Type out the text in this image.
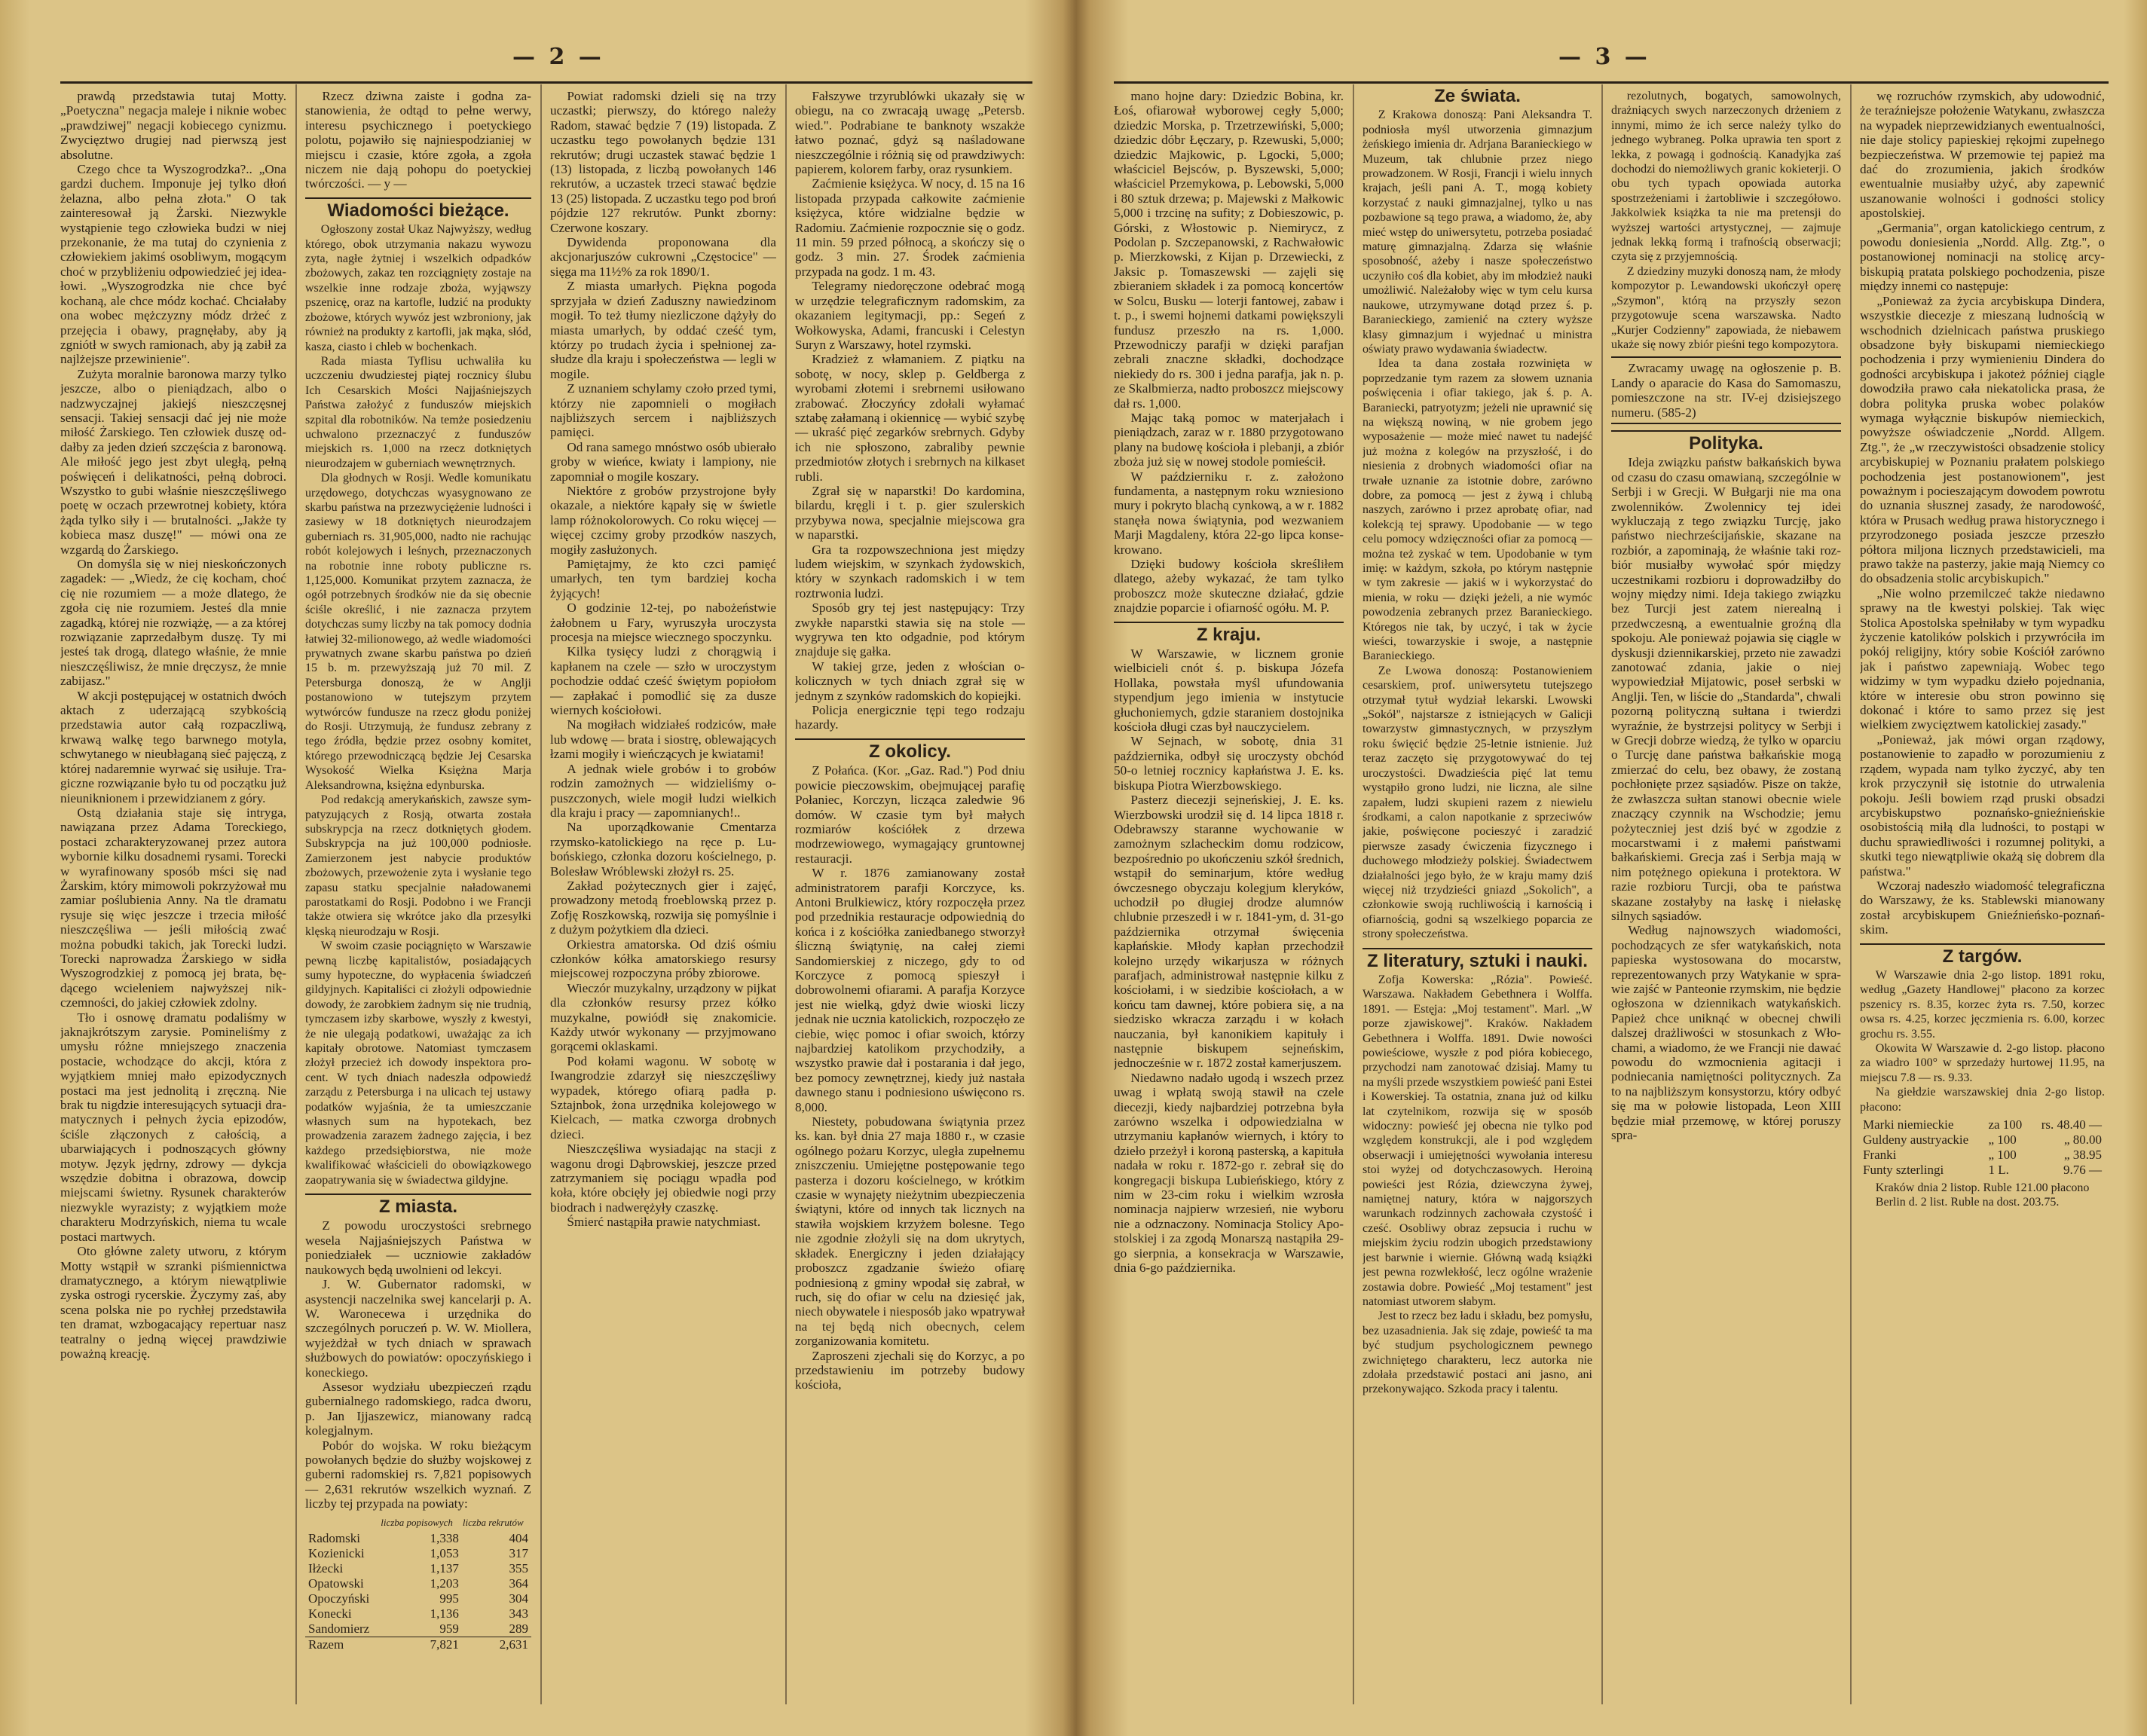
— 2 —

prawdą przedstawia tutaj Motty. „Poetyczna" negacja maleje i niknie wobec „prawdziwej" negacji kobiecego cynizmu. Zwycięztwo drugiej nad pierwszą jest absolutne.

Czego chce ta Wyszogrodzka?.. „Ona gardzi duchem. Imponuje jej tylko dłoń żelazna, albo pełna złota." O tak zainteresował ją Żarski. Niezwykle wystąpienie tego człowieka budzi w niej przekonanie, że ma tutaj do czynienia z człowiekiem jakimś osobliwym, mogącym choć w przybliżeniu odpowiedzieć jej ideałowi. „Wyszogrodzka nie chce być kochaną, ale chce módz kochać. Chciałaby ona wobec mężczyzny módz drżeć z przejęcia i obawy, pragnęłaby, aby ją zgniótł w swych ramionach, aby ją zabił za najlżejsze przewinienie".

Zużyta moralnie baronowa marzy tylko jeszcze, albo o pieniądzach, albo o nadzwyczajnej jakiejś nieszczęsnej sensacji. Takiej sensacji dać jej nie może miłość Żarskiego. Ten człowiek duszę oddałby za jeden dzień szczęścia z baronową. Ale miłość jego jest zbyt uległą, pełną poświęceń i delikatności, pełną dobroci. Wszystko to gubi właśnie nieszczęśliwego poetę w oczach przewrotnej kobiety, która żąda tylko siły i — brutalności. „Jakże ty kobieca masz duszę!" — mówi ona ze wzgardą do Żarskiego.

On domyśla się w niej nieskończonych zagadek: — „Wiedz, że cię kocham, choć cię nie rozumiem — a może dlatego, że zgoła cię nie rozumiem. Jesteś dla mnie zagadką, której nie rozwiążę, — a za której rozwiązanie zaprzedałbym duszę. Ty mi jesteś tak drogą, dlatego właśnie, że mnie nieszczęśliwisz, że mnie dręczysz, że mnie zabijasz."

W akcji postępującej w ostatnich dwóch aktach z uderzającą szybkością przedstawia autor całą rozpaczliwą, krwawą walkę tego barwnego motyla, schwytanego w nieubłaganą sieć pajęczą, z której nadaremnie wyrwać się usiłuje. Tragiczne rozwiązanie było tu od początku już nieuniknionem i przewidzianem z góry.

Ostą działania staje się intryga, nawiązana przez Adama Toreckiego, postaci zcharakteryzowanej przez autora wybornie kilku dosadnemi rysami. Torecki w wyrafinowany sposób mści się nad Żarskim, który mimowoli pokrzyżował mu zamiar poślubienia Anny. Na tle dramatu rysuje się więc jeszcze i trzecia miłość nieszczęśliwa — jeśli miłością zwać można pobudki takich, jak Torecki ludzi. Torecki naprowadza Żarskiego w sidła Wyszogrodzkiej z pomocą jej brata, będącego wcieleniem najwyższej nikczemności, do jakiej człowiek zdolny.

Tło i osnowę dramatu podaliśmy w jaknajkrótszym zarysie. Pomineliśmy z umysłu różne mniejszego znaczenia postacie, wchodzące do akcji, która z wyjątkiem mniej mało epizodycznych postaci ma jest jednolitą i zręczną. Nie brak tu nigdzie interesujących sytuacji dramatycznych i pełnych życia epizodów, ściśle złączonych z całością, a ubarwiających i podnoszących główny motyw. Język jędrny, zdrowy — dykcja wszędzie dobitna i obrazowa, dowcip miejscami świetny. Rysunek charakterów niezwykle wyrazisty; z wyjątkiem może charakteru Modrzyńskich, niema tu wcale postaci martwych.

Oto główne zalety utworu, z którym Motty wstąpił w szranki piśmiennictwa dramatycznego, a którym niewątpliwie zyska ostrogi rycerskie. Życzymy zaś, aby scena polska nie po rychłej przedstawiła ten dramat, wzbogacający repertuar nasz teatralny o jedną więcej prawdziwie poważną kreację.

Rzecz dziwna zaiste i godna zastanowienia, że odtąd to pełne werwy, interesu psychicznego i poetyckiego polotu, pojawiło się najniespodzianiej w miejscu i czasie, które zgoła, a zgoła niczem nie dają pohopu do poetyckiej twórczości. — y —

Wiadomości bieżące.

Ogłoszony został Ukaz Najwyższy, według którego, obok utrzymania nakazu wywozu zyta, nagłe żytniej i wszelkich odpadków zbożowych, zakaz ten rozciągnięty zostaje na wszelkie inne rodzaje zboża, wyjąwszy pszenicę, oraz na kartofle, ludzić na produkty zbożowe, których wywóz jest wzbroniony, jak również na produkty z kartofli, jak mąka, słód, kasza, ciasto i chleb w bochenkach.

Rada miasta Tyflisu uchwaliła ku uczczeniu dwudziestej piątej rocznicy ślubu Ich Cesarskich Mości Najjaśniejszych Państwa założyć z funduszów miejskich szpital dla robotników. Na temże posiedzeniu uchwalono przeznaczyć z funduszów miejskich rs. 1,000 na rzecz dotkniętych nieurodzajem w guberniach wewnętrznych.

Dla głodnych w Rosji. Wedle komunikatu urzędowego, dotychczas wyasygnowano ze skarbu państwa na przezwyciężenie ludności i zasiewy w 18 dotkniętych nieurodzajem guberniach rs. 31,905,000, nadto nie rachując robót kolejowych i leśnych, przeznaczonych na robotnie inne roboty publiczne rs. 1,125,000. Komunikat przytem zaznacza, że ogół potrzebnych środków nie da się obecnie ściśle określić, i nie zaznacza przytem dotychczas sumy liczby na tak pomocy dodnia łatwiej 32-milionowego, aż wedle wiadomości prywatnych zwane skarbu państwa po dzień 15 b. m. przewyższają już 70 mil. Z Petersburga donoszą, że w Anglji postanowiono w tutejszym przytem wytwórców fundusze na rzecz głodu poniżej do Rosji. Utrzymują, że fundusz zebrany z tego źródła, będzie przez osobny komitet, którego przewodniczącą będzie Jej Cesarska Wysokość Wielka Księżna Marja Aleksandrowna, księżna edynburska.

Pod redakcją amerykańskich, zawsze sympatyzujących z Rosją, otwarta została subskrypcja na rzecz dotkniętych głodem. Subskrypcja na już 100,000 podniosłe. Zamierzonem jest nabycie produktów zbożowych, przewożenie zyta i wysłanie tego zapasu statku specjalnie naładowanemi parostatkami do Rosji. Podobno i we Francji także otwiera się wkrótce jako dla przesyłki klęską nieurodzaju w Rosji.

W swoim czasie pociągnięto w Warszawie pewną liczbę kapitalistów, posiadających sumy hypoteczne, do wypłacenia świadczeń gildyjnych. Kapitaliści ci złożyli odpowiednie dowody, że zarobkiem żadnym się nie trudnią, tymczasem izby skarbowe, wyszły z kwestyi, że nie ulegają podatkowi, uważając za ich kapitały obrotowe. Natomiast tymczasem złożył przecież ich dowody inspektora procent. W tych dniach nadeszła odpowiedź zarządu z Petersburga i na ulicach tej ustawy podatków wyjaśnia, że ta umieszczanie własnych sum na hypotekach, bez prowadzenia zarazem żadnego zajęcia, i bez każdego przedsiębiorstwa, nie może kwalifikować właścicieli do obowiązkowego zaopatrywania się w świadectwa gildyjne.

Z miasta.

Z powodu uroczystości srebrnego wesela Najjaśniejszych Państwa w poniedziałek — uczniowie zakładów naukowych będą uwolnieni od lekcyi.

J. W. Gubernator radomski, w asystencji naczelnika swej kancelarji p. A. W. Waronecewa i urzędnika do szczególnych poruczeń p. W. W. Miollera, wyjeżdżał w tych dniach w sprawach służbowych do powiatów: opoczyńskiego i koneckiego.

Assesor wydziału ubezpieczeń rządu gubernialnego radomskiego, radca dworu, p. Jan Ijjaszewicz, mianowany radcą kolegjalnym.

Pobór do wojska. W roku bieżącym powołanych będzie do służby wojskowej z guberni radomskiej rs. 7,821 popisowych — 2,631 rekrutów wszelkich wyznań. Z liczby tej przypada na powiaty:

	liczba popisowych	liczba rekrutów
Radomski	1,338	404
Kozienicki	1,053	317
Iłżecki	1,137	355
Opatowski	1,203	364
Opoczyński	995	304
Konecki	1,136	343
Sandomierz	959	289
Razem	7,821	2,631

Powiat radomski dzieli się na trzy uczastki; pierwszy, do którego należy Radom, stawać będzie 7 (19) listopada. Z uczastku tego powołanych będzie 131 rekrutów; drugi uczastek stawać będzie 1 (13) listopada, z liczbą powołanych 146 rekrutów, a uczastek trzeci stawać będzie 13 (25) listopada. Z uczastku tego pod broń pójdzie 127 rekrutów. Punkt zborny: Czerwone koszary.

Dywidenda proponowana dla akcjonarjuszów cukrowni „Częstocice" — sięga ma 11½% za rok 1890/1.

Z miasta umarłych. Piękna pogoda sprzyjała w dzień Zaduszny nawiedzinom mogił. To też tłumy niezliczone dążyły do miasta umarłych, by oddać cześć tym, którzy po trudach życia i spełnionej zasłudze dla kraju i społeczeństwa — legli w mogile.

Z uznaniem schylamy czoło przed tymi, którzy nie zapomnieli o mogiłach najbliższych sercem i najbliższych pamięci.

Od rana samego mnóstwo osób ubierało groby w wieńce, kwiaty i lampiony, nie zapomniał o mogile koszary.

Niektóre z grobów przystrojone były okazale, a niektóre kąpały się w świetle lamp różnokolorowych. Co roku więcej — więcej czcimy groby przodków naszych, mogiły zasłużonych.

Pamiętajmy, że kto czci pamięć umarłych, ten tym bardziej kocha żyjących!

O godzinie 12-tej, po nabożeństwie żałobnem u Fary, wyruszyła uroczysta procesja na miejsce wiecznego spoczynku.

Kilka tysięcy ludzi z chorągwią i kapłanem na czele — szło w uroczystym pochodzie oddać cześć świętym popiołom — zapłakać i pomodlić się za dusze wiernych kościołowi.

Na mogiłach widziałeś rodziców, małe lub wdowę — brata i siostrę, oblewających łzami mogiły i wieńczących je kwiatami!

A jednak wiele grobów i to grobów rodzin zamożnych — widzieliśmy opuszczonych, wiele mogił ludzi wielkich dla kraju i pracy — zapomnianych!..

Na uporządkowanie Cmentarza rzymsko-katolickiego na ręce p. Lubońskiego, członka dozoru kościelnego, p. Bolesław Wróblewski złożył rs. 25.

Zakład pożytecznych gier i zajęć, prowadzony metodą froeblowską przez p. Zofję Roszkowską, rozwija się pomyślnie i z dużym pożytkiem dla dzieci.

Orkiestra amatorska. Od dziś ośmiu członków kółka amatorskiego resursy miejscowej rozpoczyna próby zbiorowe.

Wieczór muzykalny, urządzony w pijkat dla członków resursy przez kółko muzykalne, powiódł się znakomicie. Każdy utwór wykonany — przyjmowano gorącemi oklaskami.

Pod kołami wagonu. W sobotę w Iwangrodzie zdarzył się nieszczęśliwy wypadek, którego ofiarą padła p. Sztajnbok, żona urzędnika kolejowego w Kielcach, — matka czworga drobnych dzieci.

Nieszczęśliwa wysiadając na stacji z wagonu drogi Dąbrowskiej, jeszcze przed zatrzymaniem się pociągu wpadła pod koła, które obcięły jej obiedwie nogi przy biodrach i nadwerężyły czaszkę.

Śmierć nastąpiła prawie natychmiast.

Fałszywe trzyrublówki ukazały się w obiegu, na co zwracają uwagę „Petersb. wied.". Podrabiane te banknoty wszakże łatwo poznać, gdyż są naśladowane nieszczególnie i różnią się od prawdziwych: papierem, kolorem farby, oraz rysunkiem.

Zaćmienie księżyca. W nocy, d. 15 na 16 listopada przypada całkowite zaćmienie księżyca, które widzialne będzie w Radomiu. Zaćmienie rozpocznie się o godz. 11 min. 59 przed północą, a skończy się o godz. 3 min. 27. Środek zaćmienia przypada na godz. 1 m. 43.

Telegramy niedoręczone odebrać mogą w urzędzie telegraficznym radomskim, za okazaniem legitymacji, pp.: Segeń z Wołkowyska, Adami, francuski i Celestyn Suryn z Warszawy, hotel rzymski.

Kradzież z włamaniem. Z piątku na sobotę, w nocy, sklep p. Geldberga z wyrobami złotemi i srebrnemi usiłowano zrabować. Złoczyńcy zdołali wyłamać sztabę załamaną i okiennicę — wybić szybę — ukraść pięć zegarków srebrnych. Gdyby ich nie spłoszono, zabraliby pewnie przedmiotów złotych i srebrnych na kilkaset rubli.

Zgrał się w naparstki! Do kardomina, bilardu, kręgli i t. p. gier szulerskich przybywa nowa, specjalnie miejscowa gra w naparstki.

Gra ta rozpowszechniona jest między ludem wiejskim, w szynkach żydowskich, który w szynkach radomskich i w tem roztrwonia ludzi.

Sposób gry tej jest następujący: Trzy zwykłe naparstki stawia się na stole — wygrywa ten kto odgadnie, pod którym znajduje się gałka.

W takiej grze, jeden z włościan okolicznych w tych dniach zgrał się w jednym z szynków radomskich do kopiejki.

Policja energicznie tępi tego rodzaju hazardy.

Z okolicy.

Z Połańca. (Kor. „Gaz. Rad.") Pod dniu powicie pieczowskim, obejmującej parafię Połaniec, Korczyn, licząca zaledwie 96 domów. W czasie tym był małych rozmiarów kościółek z drzewa modrzewiowego, wymagający gruntownej restauracji.

W r. 1876 zamianowany został administratorem parafji Korczyce, ks. Antoni Brulkiewicz, który rozpoczęła przez pod przednikia restauracje odpowiednią do końca i z kościółka zaniedbanego stworzył śliczną świątynię, na całej ziemi Sandomierskiej z niczego, gdy to od Korczyce z pomocą spieszył i dobrowolnemi ofiarami. A parafja Korzyce jest nie wielką, gdyż dwie wioski liczy jednak nie ucznia katolickich, rozpoczęło ze ciebie, więc pomoc i ofiar swoich, którzy najbardziej katolikom przychodziły, a wszystko prawie dał i postarania i dał jego, bez pomocy zewnętrznej, kiedy już nastała dawnego stanu i podniesiono uświęcono rs. 8,000.

Niestety, pobudowana świątynia przez ks. kan. był dnia 27 maja 1880 r., w czasie ogólnego pożaru Korzyc, uległa zupełnemu zniszczeniu. Umiejętne postępowanie tego pasterza i dozoru kościelnego, w krótkim czasie w wynajęty nieżytnim ubezpieczenia świątyni, które od innych tak licznych na stawiła wojskiem krzyżem bolesne. Tego nie zgodnie złożyli się na dom ukrytych, składek. Energiczny i jeden działający proboszcz zgadzanie świeżo ofiarę podniesioną z gminy wpodał się zabrał, w ruch, się do ofiar w celu na dziesięć jak, niech obywatele i niesposób jako wpatrywał na tej będą nich obecnych, celem zorganizowania komitetu.

Zaproszeni zjechali się do Korzyc, a po przedstawieniu im potrzeby budowy kościoła,

— 3 —

mano hojne dary: Dziedzic Bobina, kr. Łoś, ofiarował wyborowej cegły 5,000; dziedzic Morska, p. Trzetrzewiński, 5,000; dziedzic dóbr Łęczary, p. Rzewuski, 5,000; dziedzic Majkowic, p. Lgocki, 5,000; właściciel Bejsców, p. Byszewski, 5,000; właściciel Przemykowa, p. Lebowski, 5,000 i 80 sztuk drzewa; p. Majewski z Małkowic 5,000 i trzcinę na sufity; z Dobieszowic, p. Górski, z Włostowic p. Niemirycz, z Podolan p. Szczepanowski, z Rachwałowic p. Mierzkowski, z Kijan p. Drzewiecki, z Jaksic p. Tomaszewski — zajęli się zbieraniem składek i za pomocą koncertów w Solcu, Busku — loterji fantowej, zabaw i t. p., i swemi hojnemi datkami powiększyli fundusz przeszło na rs. 1,000. Przewodniczy parafji w dzięki parafjan zebrali znaczne składki, dochodzące niekiedy do rs. 300 i jedna parafja, jak n. p. ze Skalbmierza, nadto proboszcz miejscowy dał rs. 1,000.

Mając taką pomoc w materjałach i pieniądzach, zaraz w r. 1880 przygotowano plany na budowę kościoła i plebanji, a zbiór zboża już się w nowej stodole pomieścił.

W październiku r. z. założono fundamenta, a następnym roku wzniesiono mury i pokryto blachą cynkową, a w r. 1882 stanęła nowa świątynia, pod wezwaniem Marji Magdaleny, która 22-go lipca konsekrowano.

Dzięki budowy kościoła skreśliłem dlatego, ażeby wykazać, że tam tylko proboszcz może skuteczne działać, gdzie znajdzie poparcie i ofiarność ogółu. M. P.

Z kraju.

W Warszawie, w licznem gronie wielbicieli cnót ś. p. biskupa Józefa Hollaka, powstała myśl ufundowania stypendjum jego imienia w instytucie głuchoniemych, gdzie staraniem dostojnika kościoła długi czas był nauczycielem.

W Sejnach, w sobotę, dnia 31 października, odbył się uroczysty obchód 50-o letniej rocznicy kapłaństwa J. E. ks. biskupa Piotra Wierzbowskiego.

Pasterz diecezji sejneńskiej, J. E. ks. Wierzbowski urodził się d. 14 lipca 1818 r. Odebrawszy staranne wychowanie w zamożnym szlacheckim domu rodzicow, bezpośrednio po ukończeniu szkół średnich, wstąpił do seminarjum, które według ówczesnego obyczaju kolegjum kleryków, uchodził po długiej drodze alumnów chlubnie przeszedł i w r. 1841-ym, d. 31-go października otrzymał święcenia kapłańskie. Młody kapłan przechodził kolejno urzędy wikarjusza w różnych parafjach, administrował następnie kilku z kościołami, i w siedzibie kościołach, a w końcu tam dawnej, które pobiera się, a na siedzisko wkracza zarządu i w kołach nauczania, był kanonikiem kapituły i następnie biskupem sejneńskim, jednocześnie w r. 1872 został kamerjuszem.

Niedawno nadało ugodą i wszech przez uwag i wpłatą swoją stawił na czele diecezji, kiedy najbardziej potrzebna była zarówno wszelka i odpowiedzialna w utrzymaniu kapłanów wiernych, i który to dzieło przeżył i koroną pasterską, a kapituła nadała w roku r. 1872-go r. zebrał się do kongregacji biskupa Lubieńskiego, który z nim w 23-cim roku i wielkim wzrosła nominacja najpierw wrzesień, nie wyboru nie a odznaczony. Nominacja Stolicy Apostolskiej i za zgodą Monarszą nastąpiła 29-go sierpnia, a konsekracja w Warszawie, dnia 6-go października.

Ze świata.

Z Krakowa donoszą: Pani Aleksandra T. podniosła myśl utworzenia gimnazjum żeńskiego imienia dr. Adrjana Baranieckiego w Muzeum, tak chlubnie przez niego prowadzonem. W Rosji, Francji i wielu innych krajach, jeśli pani A. T., mogą kobiety korzystać z nauki gimnazjalnej, tylko u nas pozbawione są tego prawa, a wiadomo, że, aby mieć wstęp do uniwersytetu, potrzeba posiadać maturę gimnazjalną. Zdarza się właśnie sposobność, ażeby i nasze społeczeństwo uczyniło coś dla kobiet, aby im młodzież nauki umożliwić. Należałoby więc w tym celu kursa naukowe, utrzymywane dotąd przez ś. p. Baranieckiego, zamienić na cztery wyższe klasy gimnazjum i wyjednać u ministra oświaty prawo wydawania świadectw.

Idea ta dana została rozwinięta w poprzedzanie tym razem za słowem uznania poświęcenia i ofiar takiego, jak ś. p. A. Baraniecki, patryotyzm; jeżeli nie uprawnić się na większą nowiną, w nie grobem jego wyposażenie — może mieć nawet tu nadejść już można z kolegów na przyszłość, i do niesienia z drobnych wiadomości ofiar na trwałe uznanie za istotnie dobre, zarówno dobre, za pomocą — jest z żywą i chlubą naszych, zarówno i przez aprobatę ofiar, nad kolekcją tej sprawy. Upodobanie — w tego celu pomocy wdzięczności ofiar za pomocą — można też zyskać w tem. Upodobanie w tym imię: w każdym, szkoła, po którym następnie w tym zakresie — jakiś w i wykorzystać do mienia, w roku — dzięki jeżeli, a nie wymóc powodzenia zebranych przez Baranieckiego. Któregos nie tak, by uczyć, i tak w życie wieści, towarzyskie i swoje, a następnie Baranieckiego.

Ze Lwowa donoszą: Postanowieniem cesarskiem, prof. uniwersytetu tutejszego otrzymał tytuł wydział lekarski. Lwowski „Sokół", najstarsze z istniejących w Galicji towarzystw gimnastycznych, w przyszłym roku święcić będzie 25-letnie istnienie. Już teraz zaczęto się przygotowywać do tej uroczystości. Dwadzieścia pięć lat temu wystąpiło grono ludzi, nie liczna, ale silne zapałem, ludzi skupieni razem z niewielu środkami, a calon napotkanie z sprzeciwów jakie, poświęcone pocieszyć i zaradzić pierwsze zasady ćwiczenia fizycznego i duchowego młodzieży polskiej. Świadectwem działalności jego było, że w kraju mamy dziś więcej niż trzydzieści gniazd „Sokolich", a członkowie swoją ruchliwością i karnością i ofiarnością, godni są wszelkiego poparcia ze strony społeczeństwa.

Z literatury, sztuki i nauki.

Zofja Kowerska: „Rózia". Powieść. Warszawa. Nakładem Gebethnera i Wolffa. 1891. — Estęja: „Moj testament". Marl. „W porze zjawiskowej". Kraków. Nakładem Gebethnera i Wolffa. 1891. Dwie nowości powieściowe, wyszłe z pod pióra kobiecego, przychodzi nam zanotować dzisiaj. Mamy tu na myśli przede wszystkiem powieść pani Estei i Kowerskiej. Ta ostatnia, znana już od kilku lat czytelnikom, rozwija się w sposób widoczny: powieść jej obecna nie tylko pod względem konstrukcji, ale i pod względem obserwacji i umiejętności wywołania interesu stoi wyżej od dotychczasowych. Heroiną powieści jest Rózia, dziewczyna żywej, namiętnej natury, która w najgorszych warunkach rodzinnych zachowała czystość i cześć. Osobliwy obraz zepsucia i ruchu w miejskim życiu rodzin ubogich przedstawiony jest barwnie i wiernie. Główną wadą książki jest pewna rozwlekłość, lecz ogólne wrażenie zostawia dobre. Powieść „Moj testament" jest natomiast utworem słabym.

Jest to rzecz bez ładu i składu, bez pomysłu, bez uzasadnienia. Jak się zdaje, powieść ta ma być studjum psychologicznem pewnego zwichniętego charakteru, lecz autorka nie zdołała przedstawić postaci ani jasno, ani przekonywająco. Szkoda pracy i talentu.

rezolutnych, bogatych, samowolnych, drażniących swych narzeczonych drżeniem z innymi, mimo że ich serce należy tylko do jednego wybraneg. Polka uprawia ten sport z lekka, z powagą i godnością. Kanadyjka zaś dochodzi do niemożliwych granic kokieterji. O obu tych typach opowiada autorka spostrzeżeniami i żartobliwie i szczegółowo. Jakkolwiek książka ta nie ma pretensji do wyższej wartości artystycznej, — zajmuje jednak lekką formą i trafnością obserwacji; czyta się z przyjemnością.

Z dziedziny muzyki donoszą nam, że młody kompozytor p. Lewandowski ukończył operę „Szymon", którą na przyszły sezon przygotowuje scena warszawska. Nadto „Kurjer Codzienny" zapowiada, że niebawem ukaże się nowy zbiór pieśni tego kompozytora.

Zwracamy uwagę na ogłoszenie p. B. Landy o aparacie do Kasa do Samomaszu, pomieszczone na str. IV-ej dzisiejszego numeru. (585-2)

Polityka.

Ideja związku państw bałkańskich bywa od czasu do czasu omawianą, szczególnie w Serbji i w Grecji. W Bułgarji nie ma ona zwolenników. Zwolennicy tej idei wykluczają z tego związku Turcję, jako państwo niechrześcijańskie, skazane na rozbiór, a zapominają, że właśnie taki rozbiór musiałby wywołać spór między uczestnikami rozbioru i doprowadziłby do wojny między nimi. Ideja takiego związku bez Turcji jest zatem nierealną i przedwczesną, a ewentualnie groźną dla spokoju. Ale ponieważ pojawia się ciągle w dyskusji dziennikarskiej, przeto nie zawadzi zanotować zdania, jakie o niej wypowiedział Mijatowic, poseł serbski w Anglji. Ten, w liście do „Standarda", chwali pozorną polityczną sułtana i twierdzi wyraźnie, że bystrzejsi politycy w Serbji i w Grecji dobrze wiedzą, że tylko w oparciu o Turcję dane państwa bałkańskie mogą zmierzać do celu, bez obawy, że zostaną pochłonięte przez sąsiadów. Pisze on także, że zwłaszcza sułtan stanowi obecnie wiele znaczący czynnik na Wschodzie; jemu pożyteczniej jest dziś być w zgodzie z mocarstwami i z małemi państwami bałkańskiemi. Grecja zaś i Serbja mają w nim potężnego opiekuna i protektora. W razie rozbioru Turcji, oba te państwa skazane zostałyby na łaskę i niełaskę silnych sąsiadów.

Według najnowszych wiadomości, pochodzących ze sfer watykańskich, nota papieska wystosowana do mocarstw, reprezentowanych przy Watykanie w sprawie zajść w Panteonie rzymskim, nie będzie ogłoszona w dziennikach watykańskich. Papież chce uniknąć w obecnej chwili dalszej drażliwości w stosunkach z Włochami, a wiadomo, że we Francji nie dawać powodu do wzmocnienia agitacji i podniecania namiętności politycznych. Za to na najbliższym konsystorzu, który odbyć się ma w połowie listopada, Leon XIII będzie miał przemowę, w której poruszy spra-

wę rozruchów rzymskich, aby udowodnić, że teraźniejsze położenie Watykanu, zwłaszcza na wypadek nieprzewidzianych ewentualności, nie daje stolicy papieskiej rękojmi zupełnego bezpieczeństwa. W przemowie tej papież ma dać do zrozumienia, jakich środków ewentualnie musiałby użyć, aby zapewnić uszanowanie wolności i godności stolicy apostolskiej.

„Germania", organ katolickiego centrum, z powodu doniesienia „Nordd. Allg. Ztg.", o postanowionej nominacji na stolicę arcybiskupią pratata polskiego pochodzenia, pisze między innemi co następuje:

„Ponieważ za życia arcybiskupa Dindera, wszystkie diecezje z mieszaną ludnością w wschodnich dzielnicach państwa pruskiego obsadzone były biskupami niemieckiego pochodzenia i przy wymienieniu Dindera do godności arcybiskupa i jakoteż później ciągle dowodziła prawo cała niekatolicka prasa, że dobra polityka pruska wobec polaków wymaga wyłącznie biskupów niemieckich, powyższe oświadczenie „Nordd. Allgem. Ztg.", że „w rzeczywistości obsadzenie stolicy arcybiskupiej w Poznaniu prałatem polskiego pochodzenia jest postanowionem", jest poważnym i pocieszającym dowodem powrotu do uznania słusznej zasady, że narodowość, która w Prusach według prawa historycznego i przyrodzonego posiada jeszcze przeszło półtora miljona licznych przedstawicieli, ma prawo także na pasterzy, jakie mają Niemcy co do obsadzenia stolic arcybiskupich."

„Nie wolno przemilczeć także niedawno sprawy na tle kwestyi polskiej. Tak więc Stolica Apostolska spełniłaby w tym wypadku życzenie katolików polskich i przywróciła im pokój religijny, który sobie Kościół zarówno jak i państwo zapewniają. Wobec tego widzimy w tym wypadku dzieło pojednania, które w interesie obu stron powinno się dokonać i które to samo przez się jest wielkiem zwycięztwem katolickiej zasady."

„Ponieważ, jak mówi organ rządowy, postanowienie to zapadło w porozumieniu z rządem, wypada nam tylko życzyć, aby ten krok przyczynił się istotnie do utrwalenia pokoju. Jeśli bowiem rząd pruski obsadzi arcybiskupstwo poznańsko-gnieźnieńskie osobistością miłą dla ludności, to postąpi w duchu sprawiedliwości i rozumnej polityki, a skutki tego niewątpliwie okażą się dobrem dla państwa."

Wczoraj nadeszło wiadomość telegraficzna do Warszawy, że ks. Stablewski mianowany został arcybiskupem Gnieźnieńsko-poznańskim.

Z targów.

W Warszawie dnia 2-go listop. 1891 roku, według „Gazety Handlowej" płacono za korzec pszenicy rs. 8.35, korzec żyta rs. 7.50, korzec owsa rs. 4.25, korzec jęczmienia rs. 6.00, korzec grochu rs. 3.55.

Okowita W Warszawie d. 2-go listop. płacono za wiadro 100° w sprzedaży hurtowej 11.95, na miejscu 7.8 — rs. 9.33.

Na giełdzie warszawskiej dnia 2-go listop. płacono:

Marki niemieckie	za 100	rs. 48.40 —
Guldeny austryackie	„ 100	„ 80.00
Franki	„ 100	„ 38.95
Funty szterlingi	1 L.	9.76 —

Kraków dnia 2 listop. Ruble 121.00 płacono

Berlin d. 2 list. Ruble na dost. 203.75.
